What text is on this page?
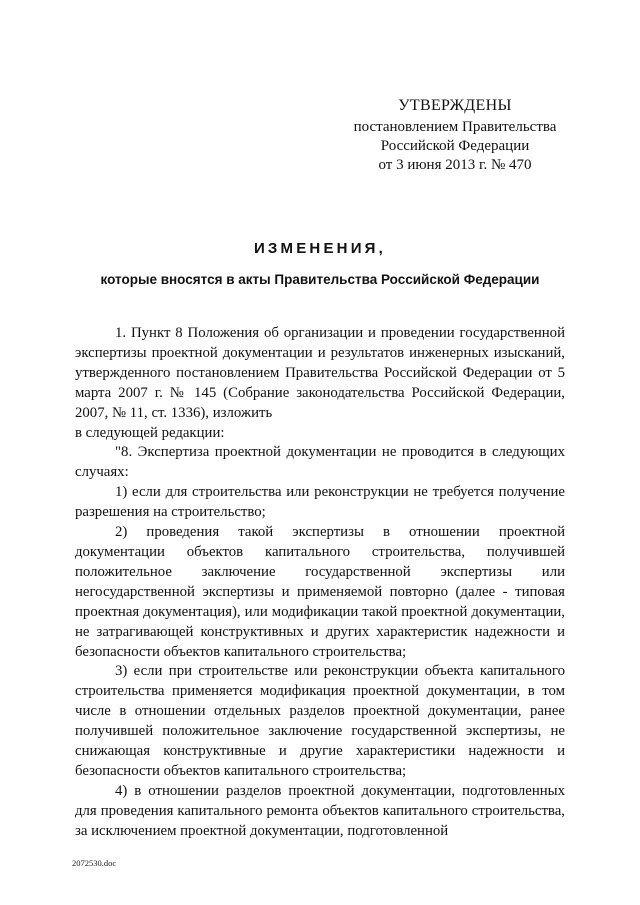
УТВЕРЖДЕНЫ
постановлением Правительства
Российской Федерации
от 3 июня 2013 г. № 470
ИЗМЕНЕНИЯ,
которые вносятся в акты Правительства Российской Федерации

1. Пункт 8 Положения об организации и проведении государственной экспертизы проектной документации и результатов инженерных изысканий, утвержденного постановлением Правительства Российской Федерации от 5 марта 2007 г. № 145 (Собрание законодательства Российской Федерации, 2007, № 11, ст. 1336), изложить

в следующей редакции:

"8. Экспертиза проектной документации не проводится в следующих случаях:

1) если для строительства или реконструкции не требуется получение разрешения на строительство;

2) проведения такой экспертизы в отношении проектной документации объектов капитального строительства, получившей положительное заключение государственной экспертизы или негосударственной экспертизы и применяемой повторно (далее - типовая проектная документация), или модификации такой проектной документации, не затрагивающей конструктивных и других характеристик надежности и безопасности объектов капитального строительства;

3) если при строительстве или реконструкции объекта капитального строительства применяется модификация проектной документации, в том числе в отношении отдельных разделов проектной документации, ранее получившей положительное заключение государственной экспертизы, не снижающая конструктивные и другие характеристики надежности и безопасности объектов капитального строительства;

4) в отношении разделов проектной документации, подготовленных для проведения капитального ремонта объектов капитального строительства, за исключением проектной документации, подготовленной

2072530.doc
